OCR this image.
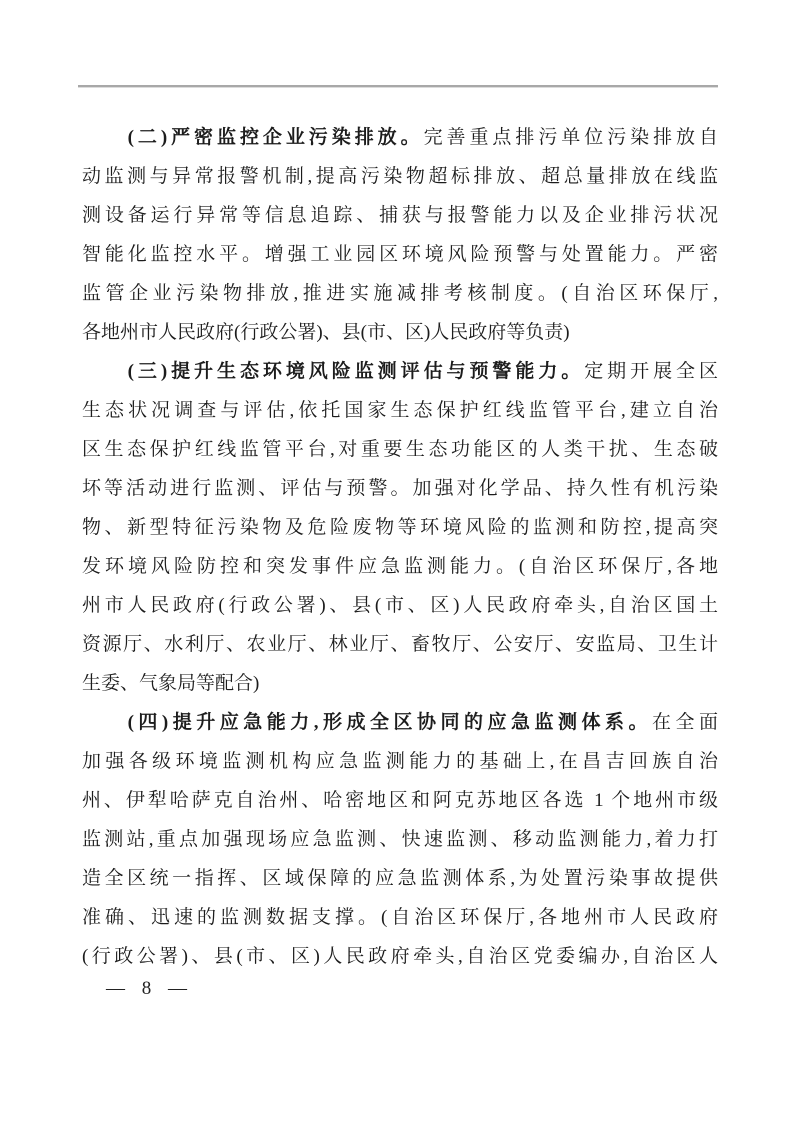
(二)严密监控企业污染排放。完善重点排污单位污染排放自

动监测与异常报警机制,提高污染物超标排放、超总量排放在线监

测设备运行异常等信息追踪、捕获与报警能力以及企业排污状况

智能化监控水平。增强工业园区环境风险预警与处置能力。严密

监管企业污染物排放,推进实施减排考核制度。(自治区环保厅,

各地州市人民政府(行政公署)、县(市、区)人民政府等负责)

(三)提升生态环境风险监测评估与预警能力。定期开展全区

生态状况调查与评估,依托国家生态保护红线监管平台,建立自治

区生态保护红线监管平台,对重要生态功能区的人类干扰、生态破

坏等活动进行监测、评估与预警。加强对化学品、持久性有机污染

物、新型特征污染物及危险废物等环境风险的监测和防控,提高突

发环境风险防控和突发事件应急监测能力。(自治区环保厅,各地

州市人民政府(行政公署)、县(市、区)人民政府牵头,自治区国土

资源厅、水利厅、农业厅、林业厅、畜牧厅、公安厅、安监局、卫生计

生委、气象局等配合)

(四)提升应急能力,形成全区协同的应急监测体系。在全面

加强各级环境监测机构应急监测能力的基础上,在昌吉回族自治

州、伊犁哈萨克自治州、哈密地区和阿克苏地区各选 1 个地州市级

监测站,重点加强现场应急监测、快速监测、移动监测能力,着力打

造全区统一指挥、区域保障的应急监测体系,为处置污染事故提供

准确、迅速的监测数据支撑。(自治区环保厅,各地州市人民政府

(行政公署)、县(市、区)人民政府牵头,自治区党委编办,自治区人

— 8 —
